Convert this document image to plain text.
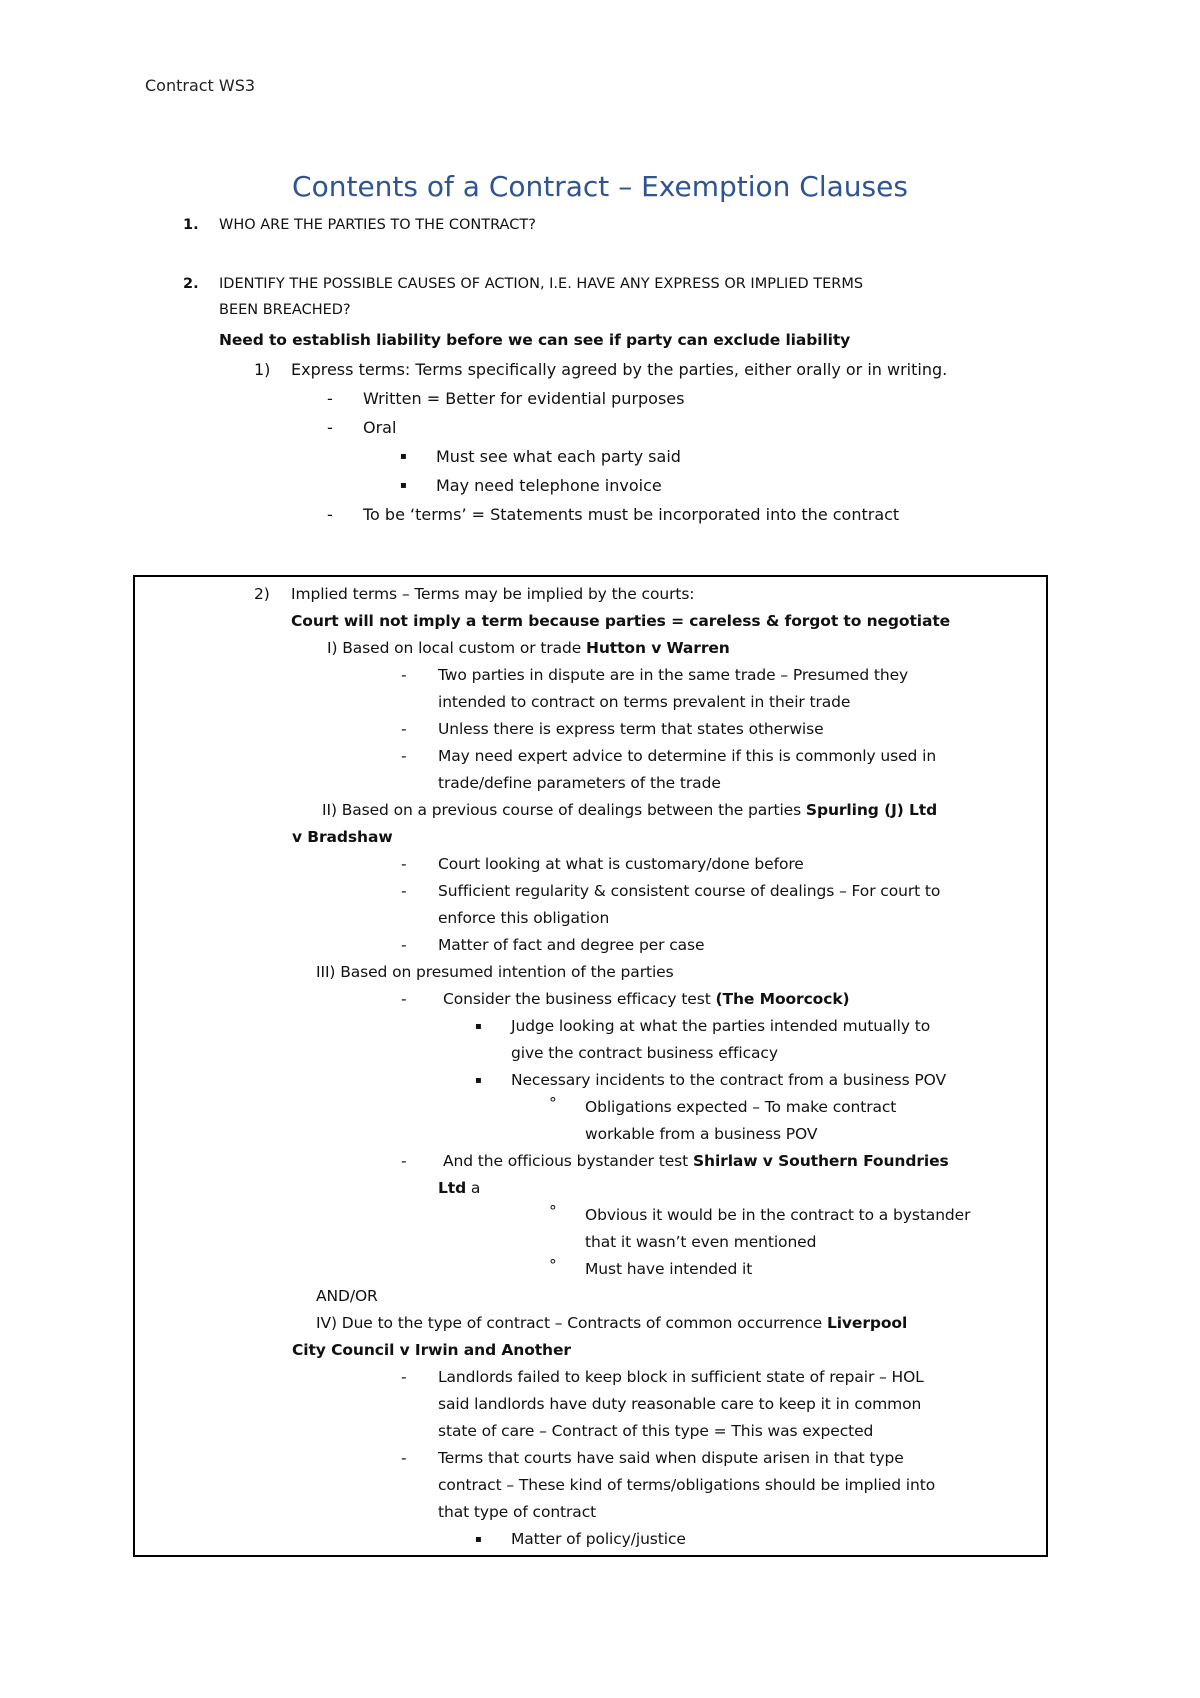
Contract WS3
Contents of a Contract – Exemption Clauses
1. WHO ARE THE PARTIES TO THE CONTRACT?
2. IDENTIFY THE POSSIBLE CAUSES OF ACTION, I.E. HAVE ANY EXPRESS OR IMPLIED TERMS
BEEN BREACHED?
Need to establish liability before we can see if party can exclude liability
1) Express terms: Terms specifically agreed by the parties, either orally or in writing.
- Written = Better for evidential purposes
- Oral
▪ Must see what each party said
▪ May need telephone invoice
- To be ‘terms’ = Statements must be incorporated into the contract
2) Implied terms – Terms may be implied by the courts:
Court will not imply a term because parties = careless & forgot to negotiate
I) Based on local custom or trade Hutton v Warren
- Two parties in dispute are in the same trade – Presumed they
intended to contract on terms prevalent in their trade
- Unless there is express term that states otherwise
- May need expert advice to determine if this is commonly used in
trade/define parameters of the trade
II) Based on a previous course of dealings between the parties Spurling (J) Ltd
v Bradshaw
- Court looking at what is customary/done before
- Sufficient regularity & consistent course of dealings – For court to
enforce this obligation
- Matter of fact and degree per case
III) Based on presumed intention of the parties
- Consider the business efficacy test (The Moorcock)
▪ Judge looking at what the parties intended mutually to
give the contract business efficacy
▪ Necessary incidents to the contract from a business POV
° Obligations expected – To make contract
workable from a business POV
- And the officious bystander test Shirlaw v Southern Foundries
Ltd a
° Obvious it would be in the contract to a bystander
that it wasn’t even mentioned
° Must have intended it
AND/OR
IV) Due to the type of contract – Contracts of common occurrence Liverpool
City Council v Irwin and Another
- Landlords failed to keep block in sufficient state of repair – HOL
said landlords have duty reasonable care to keep it in common
state of care – Contract of this type = This was expected
- Terms that courts have said when dispute arisen in that type
contract – These kind of terms/obligations should be implied into
that type of contract
▪ Matter of policy/justice
